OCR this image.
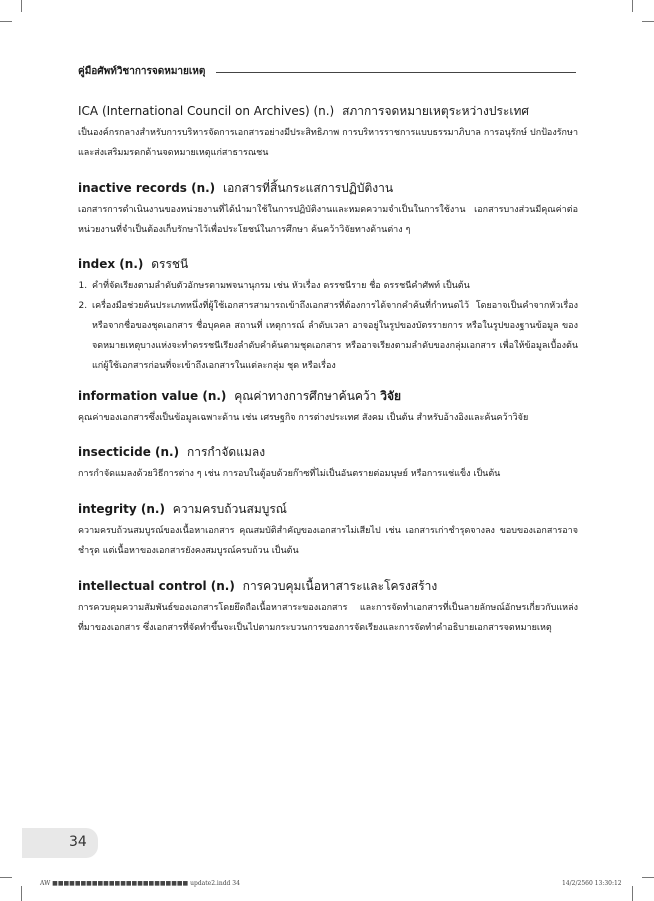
คู่มือศัพท์วิชาการจดหมายเหตุ
ICA (International Council on Archives) (n.) สภาการจดหมายเหตุระหว่างประเทศ
เป็นองค์กรกลางสำหรับการบริหารจัดการเอกสารอย่างมีประสิทธิภาพ การบริหารราชการแบบธรรมาภิบาล การอนุรักษ์ ปกป้องรักษา และส่งเสริมมรดกด้านจดหมายเหตุแก่สาธารณชน
inactive records (n.) เอกสารที่สิ้นกระแสการปฏิบัติงาน
เอกสารการดำเนินงานของหน่วยงานที่ได้นำมาใช้ในการปฏิบัติงานและหมดความจำเป็นในการใช้งาน เอกสารบางส่วนมีคุณค่าต่อหน่วยงานที่จำเป็นต้องเก็บรักษาไว้เพื่อประโยชน์ในการศึกษา ค้นคว้าวิจัยทางด้านต่าง ๆ
index (n.) ดรรชนี
1. คำที่จัดเรียงตามลำดับตัวอักษรตามพจนานุกรม เช่น หัวเรื่อง ดรรชนีราย ชื่อ ดรรชนีคำศัพท์ เป็นต้น
2. เครื่องมือช่วยค้นประเภทหนึ่งที่ผู้ใช้เอกสารสามารถเข้าถึงเอกสารที่ต้องการได้จากคำค้นที่กำหนดไว้ โดยอาจเป็นคำจากหัวเรื่อง หรือจากชื่อของชุดเอกสาร ชื่อบุคคล สถานที่ เหตุการณ์ ลำดับเวลา อาจอยู่ในรูปของบัตรรายการ หรือในรูปของฐานข้อมูล ของจดหมายเหตุบางแห่งจะทำดรรชนีเรียงลำดับคำค้นตามชุดเอกสาร หรืออาจเรียงตามลำดับของกลุ่มเอกสาร เพื่อให้ข้อมูลเบื้องต้นแก่ผู้ใช้เอกสารก่อนที่จะเข้าถึงเอกสารในแต่ละกลุ่ม ชุด หรือเรื่อง
information value (n.) คุณค่าทางการศึกษาค้นคว้า วิจัย
คุณค่าของเอกสารซึ่งเป็นข้อมูลเฉพาะด้าน เช่น เศรษฐกิจ การต่างประเทศ สังคม เป็นต้น สำหรับอ้างอิงและค้นคว้าวิจัย
insecticide (n.) การกำจัดแมลง
การกำจัดแมลงด้วยวิธีการต่าง ๆ เช่น การอบในตู้อบด้วยก๊าซที่ไม่เป็นอันตรายต่อมนุษย์ หรือการแช่แข็ง เป็นต้น
integrity (n.) ความครบถ้วนสมบูรณ์
ความครบถ้วนสมบูรณ์ของเนื้อหาเอกสาร คุณสมบัติสำคัญของเอกสารไม่เสียไป เช่น เอกสารเก่าชำรุดจางลง ขอบของเอกสารอาจชำรุด แต่เนื้อหาของเอกสารยังคงสมบูรณ์ครบถ้วน เป็นต้น
intellectual control (n.) การควบคุมเนื้อหาสาระและโครงสร้าง
การควบคุมความสัมพันธ์ของเอกสารโดยยึดถือเนื้อหาสาระของเอกสาร และการจัดทำเอกสารที่เป็นลายลักษณ์อักษรเกี่ยวกับแหล่งที่มาของเอกสาร ซึ่งเอกสารที่จัดทำขึ้นจะเป็นไปตามกระบวนการของการจัดเรียงและการจัดทำคำอธิบายเอกสารจดหมายเหตุ
34
AW ■■■■■■■■■■■■■■■■■■■■■■■■ update2.indd 34	14/2/2560 13:30:12
